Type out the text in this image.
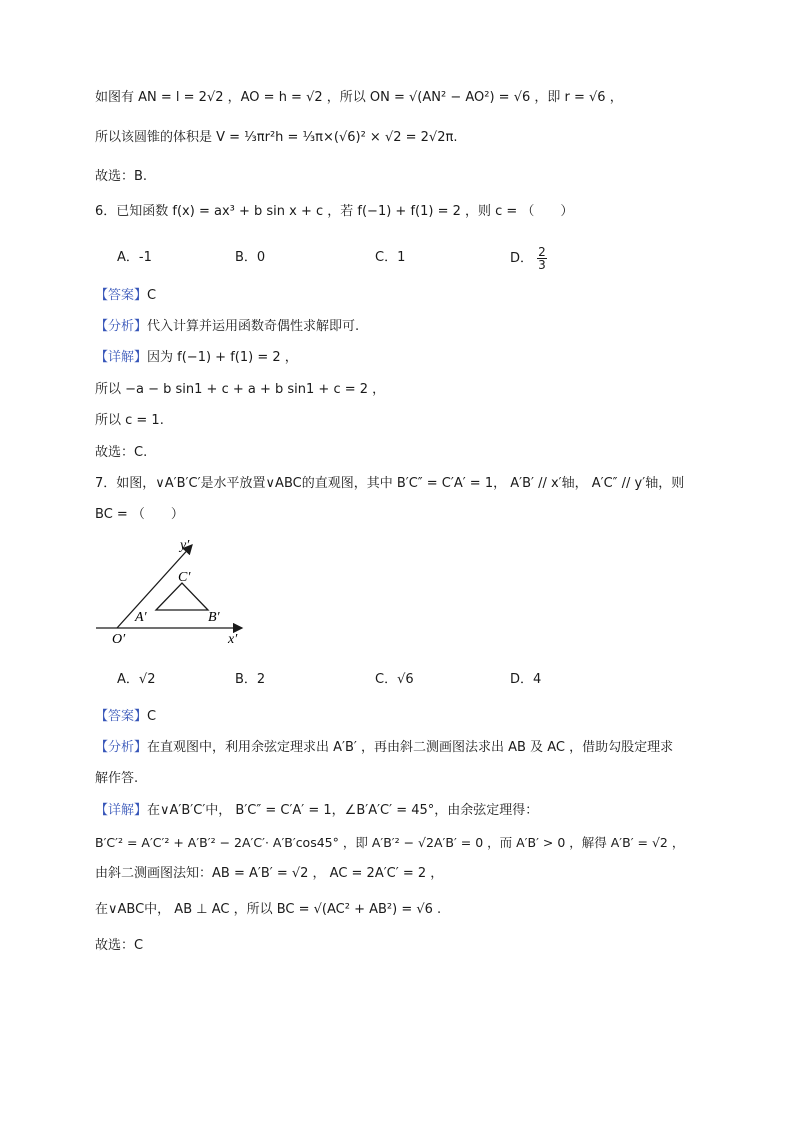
如图有 AN = l = 2√2 ，AO = h = √2 ，所以 ON = √(AN² − AO²) = √6 ，即 r = √6 ，
所以该圆锥的体积是 V = ⅓πr²h = ⅓π×(√6)² × √2 = 2√2π.
故选：B.
6．已知函数 f(x) = ax³ + b sin x + c ，若 f(−1) + f(1) = 2 ，则 c = （　　）
A．-1	B．0	C．1	D． $\frac{2}{3}$
【答案】C
【分析】代入计算并运用函数奇偶性求解即可.
【详解】因为 f(−1) + f(1) = 2 ，
所以 −a − b sin1 + c + a + b sin1 + c = 2 ，
所以 c = 1.
故选：C.
7．如图，∨A′B′C′是水平放置∨ABC的直观图，其中 B′C″ = C′A′ = 1， A′B′ // x′轴， A′C″ // y′轴，则
BC = （　　）
y′
x′
O′
A′	B′
C′
A．√2	B．2	C．√6	D．4
【答案】C
【分析】在直观图中，利用余弦定理求出 A′B′ ，再由斜二测画图法求出 AB 及 AC ，借助勾股定理求
解作答.
【详解】在∨A′B′C′中， B′C″ = C′A′ = 1，∠B′A′C′ = 45°，由余弦定理得：
B′C′² = A′C′² + A′B′² − 2A′C′· A′B′cos45° ，即 A′B′² − √2A′B′ = 0 ，而 A′B′ > 0 ，解得 A′B′ = √2 ，
由斜二测画图法知：AB = A′B′ = √2 ， AC = 2A′C′ = 2 ，
在∨ABC中， AB ⊥ AC ，所以 BC = √(AC² + AB²) = √6 .
故选：C
